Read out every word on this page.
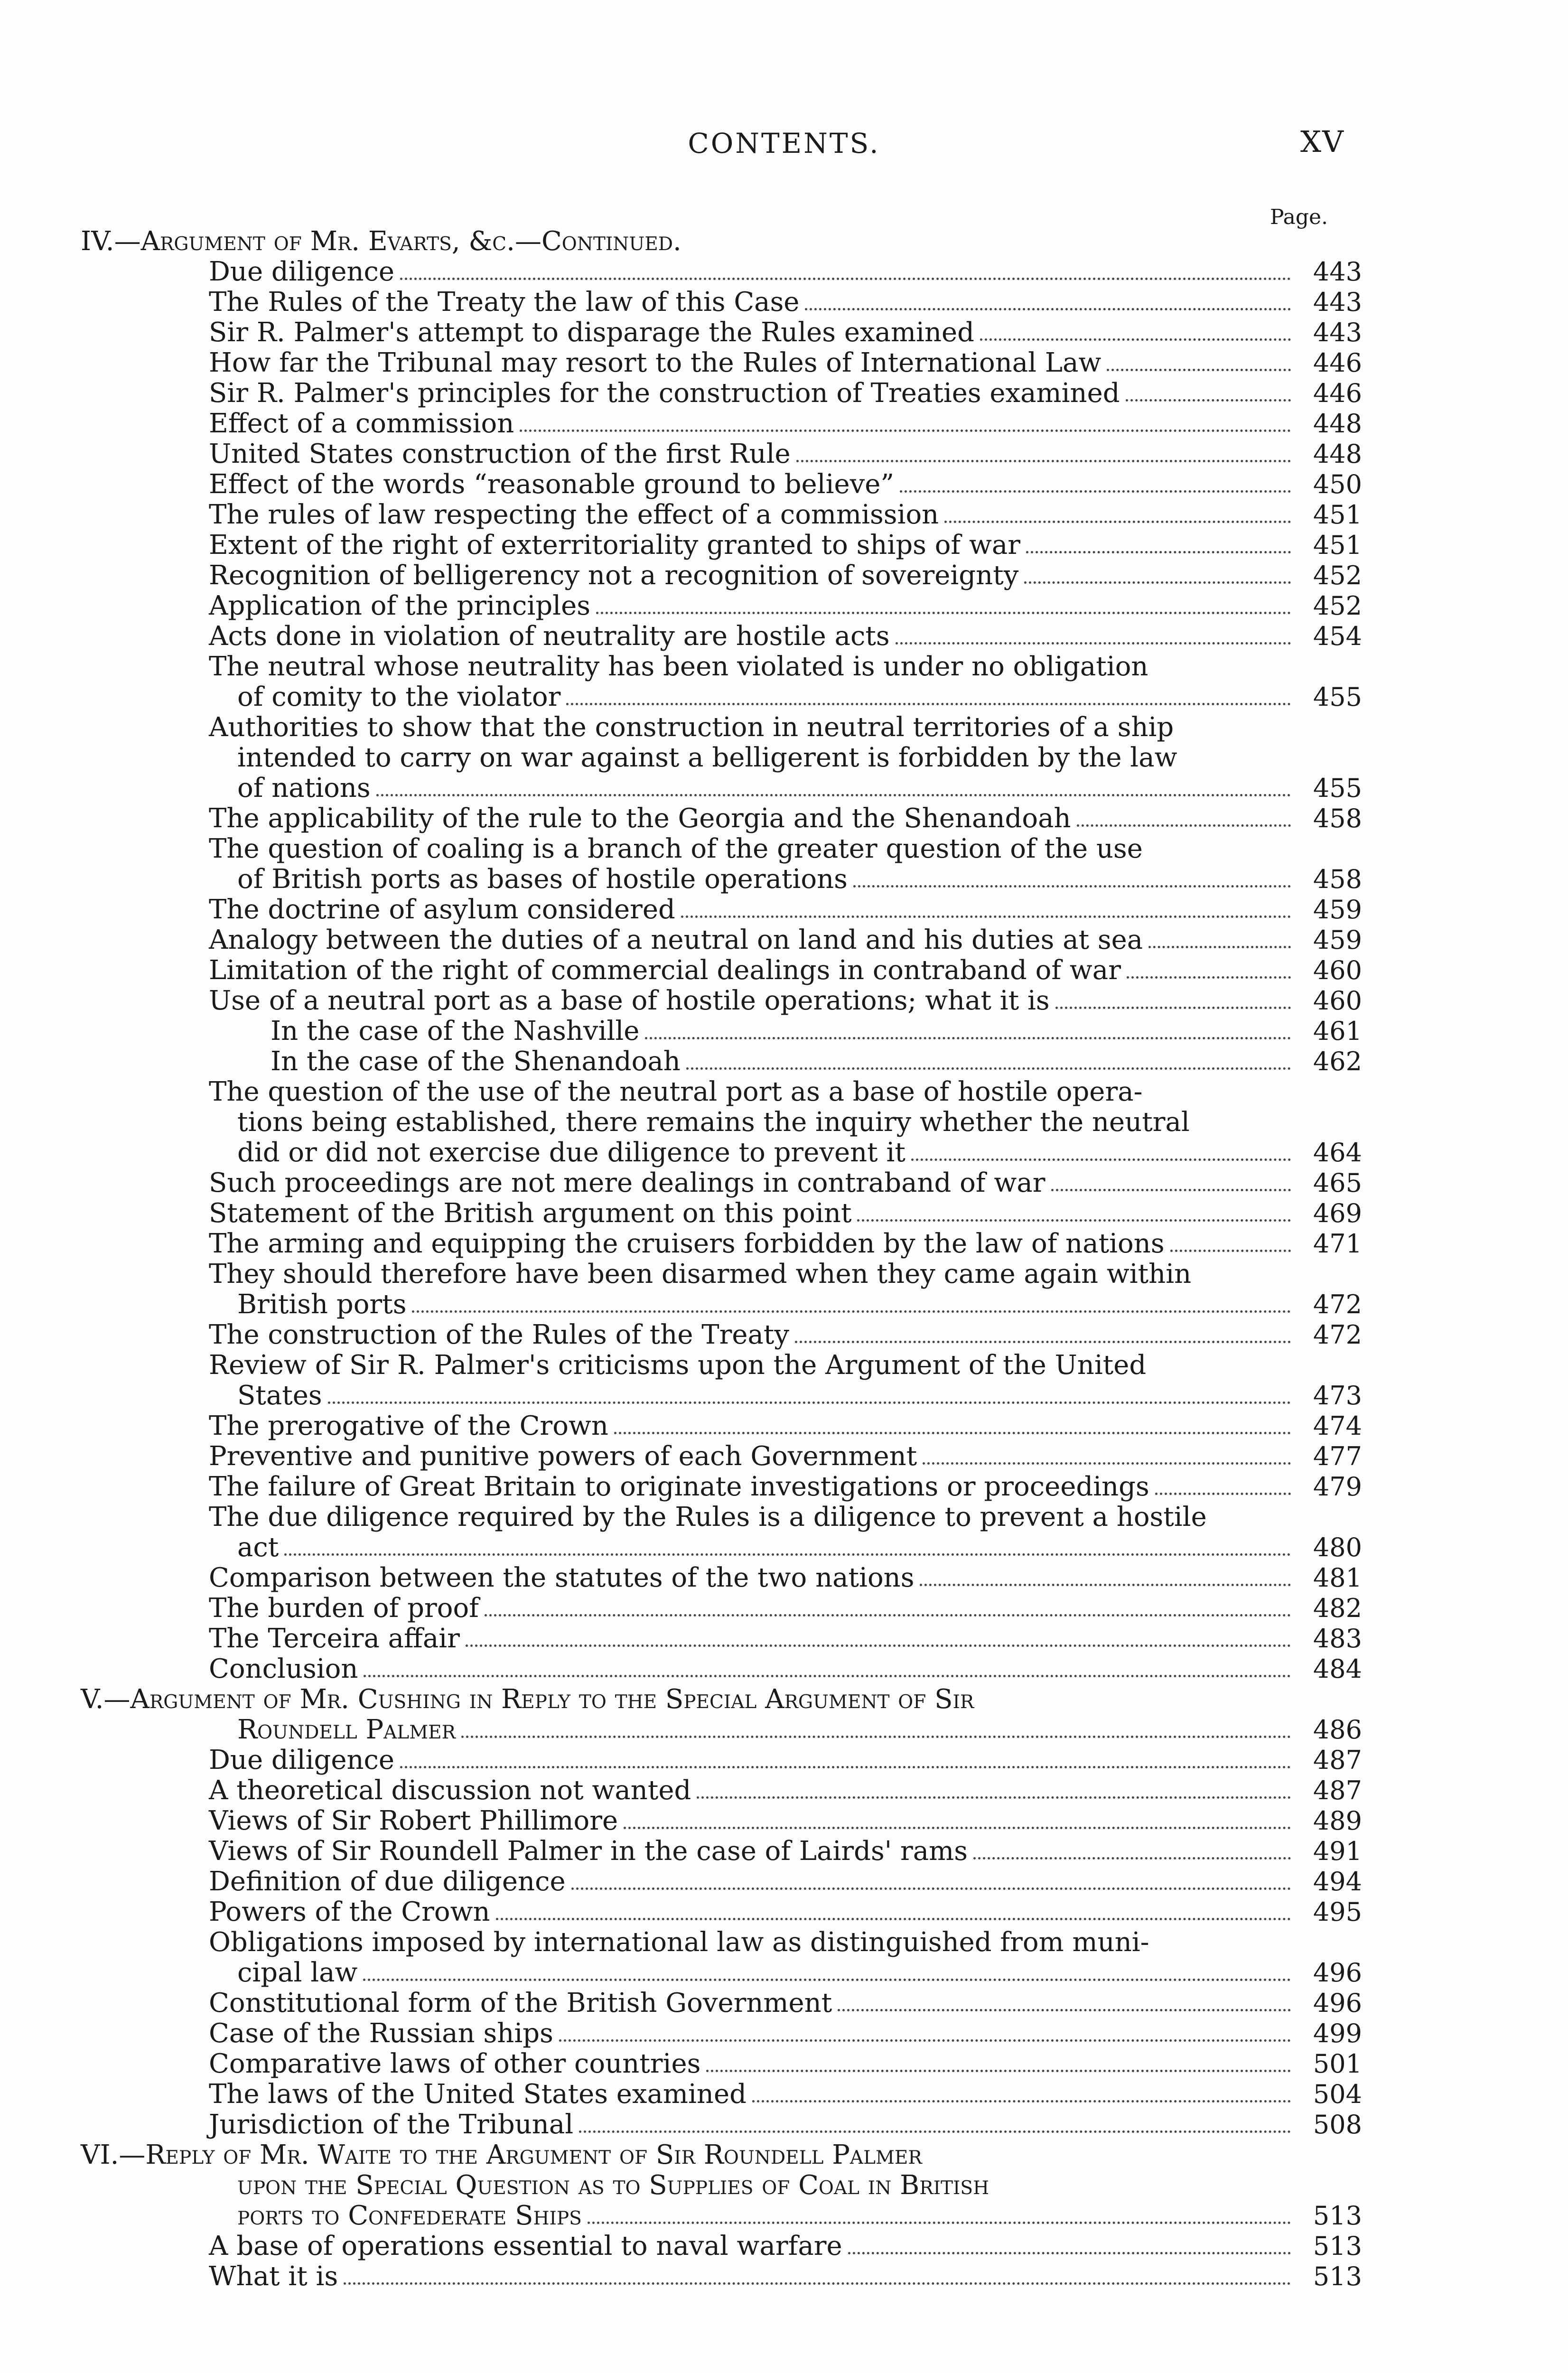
CONTENTS.	XV
Page.
IV.—Argument of Mr. Evarts, &c.—Continued.
Due diligence	443
The Rules of the Treaty the law of this Case	443
Sir R. Palmer's attempt to disparage the Rules examined	443
How far the Tribunal may resort to the Rules of International Law	446
Sir R. Palmer's principles for the construction of Treaties examined	446
Effect of a commission	448
United States construction of the first Rule	448
Effect of the words “reasonable ground to believe”	450
The rules of law respecting the effect of a commission	451
Extent of the right of exterritoriality granted to ships of war	451
Recognition of belligerency not a recognition of sovereignty	452
Application of the principles	452
Acts done in violation of neutrality are hostile acts	454
The neutral whose neutrality has been violated is under no obligation
of comity to the violator	455
Authorities to show that the construction in neutral territories of a ship
intended to carry on war against a belligerent is forbidden by the law
of nations	455
The applicability of the rule to the Georgia and the Shenandoah	458
The question of coaling is a branch of the greater question of the use
of British ports as bases of hostile operations	458
The doctrine of asylum considered	459
Analogy between the duties of a neutral on land and his duties at sea	459
Limitation of the right of commercial dealings in contraband of war	460
Use of a neutral port as a base of hostile operations; what it is	460
In the case of the Nashville	461
In the case of the Shenandoah	462
The question of the use of the neutral port as a base of hostile opera-
tions being established, there remains the inquiry whether the neutral
did or did not exercise due diligence to prevent it	464
Such proceedings are not mere dealings in contraband of war	465
Statement of the British argument on this point	469
The arming and equipping the cruisers forbidden by the law of nations	471
They should therefore have been disarmed when they came again within
British ports	472
The construction of the Rules of the Treaty	472
Review of Sir R. Palmer's criticisms upon the Argument of the United
States	473
The prerogative of the Crown	474
Preventive and punitive powers of each Government	477
The failure of Great Britain to originate investigations or proceedings	479
The due diligence required by the Rules is a diligence to prevent a hostile
act	480
Comparison between the statutes of the two nations	481
The burden of proof	482
The Terceira affair	483
Conclusion	484
V.—Argument of Mr. Cushing in Reply to the Special Argument of Sir
Roundell Palmer	486
Due diligence	487
A theoretical discussion not wanted	487
Views of Sir Robert Phillimore	489
Views of Sir Roundell Palmer in the case of Lairds' rams	491
Definition of due diligence	494
Powers of the Crown	495
Obligations imposed by international law as distinguished from muni-
cipal law	496
Constitutional form of the British Government	496
Case of the Russian ships	499
Comparative laws of other countries	501
The laws of the United States examined	504
Jurisdiction of the Tribunal	508
VI.—Reply of Mr. Waite to the Argument of Sir Roundell Palmer
upon the Special Question as to Supplies of Coal in British
ports to Confederate Ships	513
A base of operations essential to naval warfare	513
What it is	513
